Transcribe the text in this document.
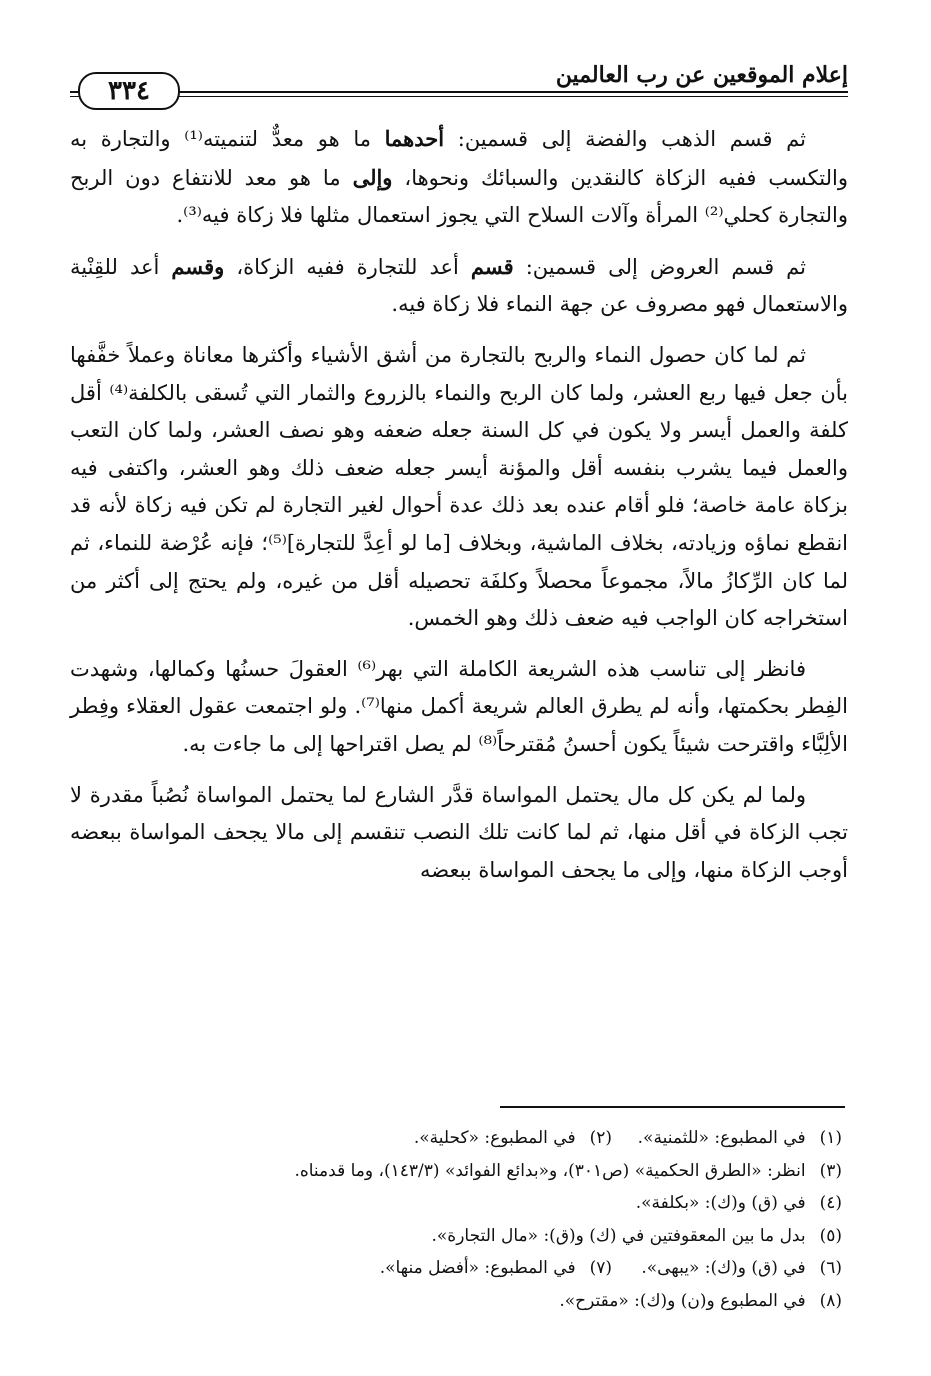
إعلام الموقعين عن رب العالمين
٣٣٤

ثم قسم الذهب والفضة إلى قسمين: أحدهما ما هو معدٌّ لتنميته⁽¹⁾ والتجارة به والتكسب ففيه الزكاة كالنقدين والسبائك ونحوها، وإلى ما هو معد للانتفاع دون الربح والتجارة كحلي⁽²⁾ المرأة وآلات السلاح التي يجوز استعمال مثلها فلا زكاة فيه⁽³⁾.

ثم قسم العروض إلى قسمين: قسم أعد للتجارة ففيه الزكاة، وقسم أعد للقِنْية والاستعمال فهو مصروف عن جهة النماء فلا زكاة فيه.

ثم لما كان حصول النماء والربح بالتجارة من أشق الأشياء وأكثرها معاناة وعملاً خفَّفها بأن جعل فيها ربع العشر، ولما كان الربح والنماء بالزروع والثمار التي تُسقى بالكلفة⁽⁴⁾ أقل كلفة والعمل أيسر ولا يكون في كل السنة جعله ضعفه وهو نصف العشر، ولما كان التعب والعمل فيما يشرب بنفسه أقل والمؤنة أيسر جعله ضعف ذلك وهو العشر، واكتفى فيه بزكاة عامة خاصة؛ فلو أقام عنده بعد ذلك عدة أحوال لغير التجارة لم تكن فيه زكاة لأنه قد انقطع نماؤه وزيادته، بخلاف الماشية، وبخلاف [ما لو أعِدَّ للتجارة]⁽⁵⁾؛ فإنه عُرْضة للنماء، ثم لما كان الرِّكازُ مالاً، مجموعاً محصلاً وكلفَة تحصيله أقل من غيره، ولم يحتج إلى أكثر من استخراجه كان الواجب فيه ضعف ذلك وهو الخمس.

فانظر إلى تناسب هذه الشريعة الكاملة التي بهر⁽⁶⁾ العقولَ حسنُها وكمالها، وشهدت الفِطر بحكمتها، وأنه لم يطرق العالم شريعة أكمل منها⁽⁷⁾. ولو اجتمعت عقول العقلاء وفِطر الألِبَّاء واقترحت شيئاً يكون أحسنُ مُقترحاً⁽⁸⁾ لم يصل اقتراحها إلى ما جاءت به.

ولما لم يكن كل مال يحتمل المواساة قدَّر الشارع لما يحتمل المواساة نُصُباً مقدرة لا تجب الزكاة في أقل منها، ثم لما كانت تلك النصب تنقسم إلى مالا يجحف المواساة ببعضه أوجب الزكاة منها، وإلى ما يجحف المواساة ببعضه

(١)في المطبوع: «للثمنية».
(٢)في المطبوع: «كحلية».
(٣)انظر: «الطرق الحكمية» (ص٣٠١)، و«بدائع الفوائد» (١٤٣/٣)، وما قدمناه.
(٤)في (ق) و(ك): «بكلفة».
(٥)بدل ما بين المعقوفتين في (ك) و(ق): «مال التجارة».
(٦)في (ق) و(ك): «يبهى».
(٧)في المطبوع: «أفضل منها».
(٨)في المطبوع و(ن) و(ك): «مقترح».
